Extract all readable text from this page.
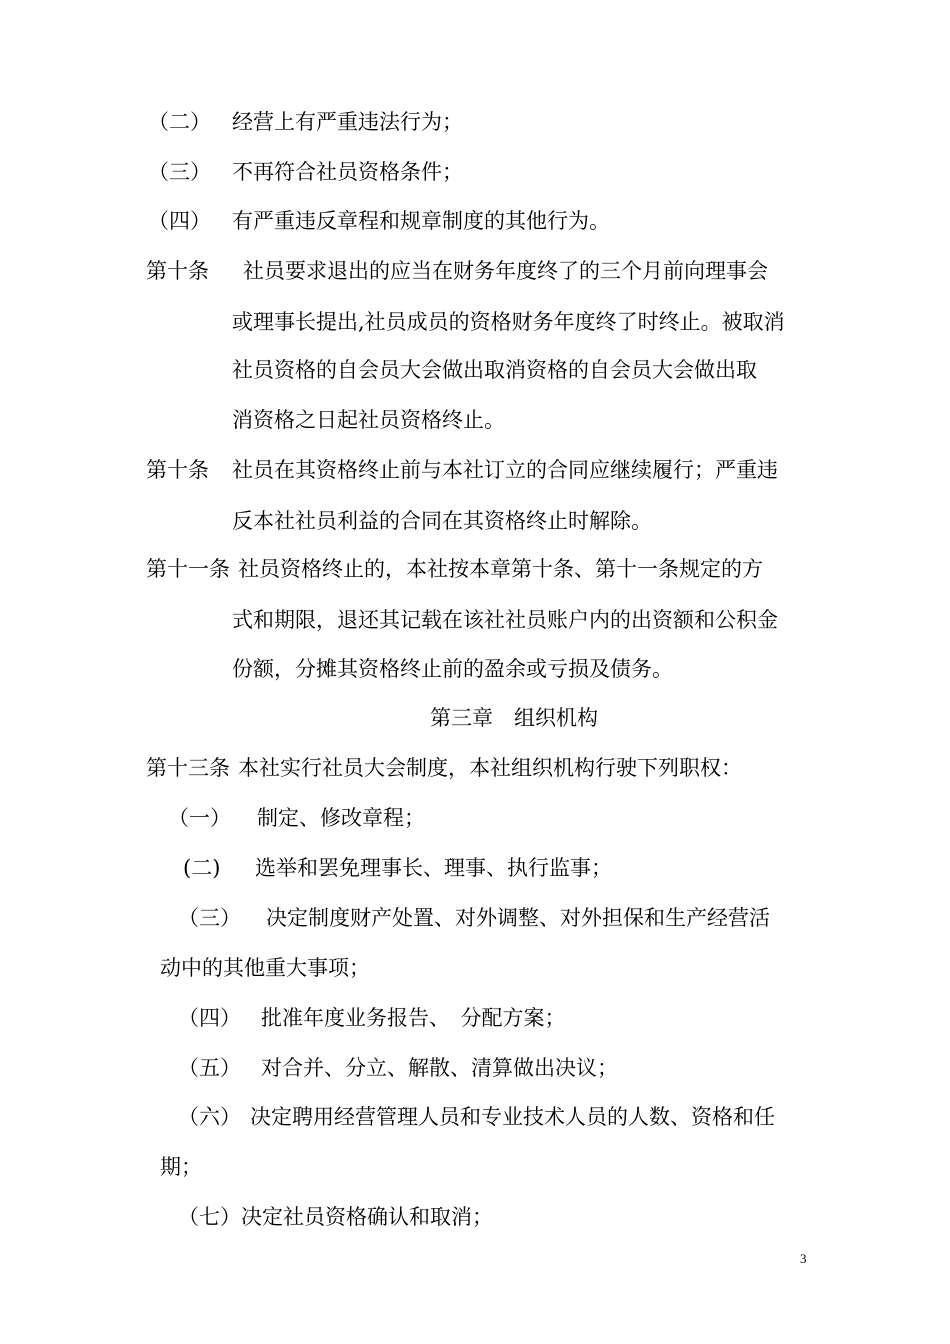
（二） 经营上有严重违法行为；
（三） 不再符合社员资格条件；
（四） 有严重违反章程和规章制度的其他行为。
第十条 社员要求退出的应当在财务年度终了的三个月前向理事会
或理事长提出,社员成员的资格财务年度终了时终止。被取消
社员资格的自会员大会做出取消资格的自会员大会做出取
消资格之日起社员资格终止。
第十条 社员在其资格终止前与本社订立的合同应继续履行；严重违
反本社社员利益的合同在其资格终止时解除。
第十一条 社员资格终止的，本社按本章第十条、第十一条规定的方
式和期限，退还其记载在该社社员账户内的出资额和公积金
份额，分摊其资格终止前的盈余或亏损及债务。
第三章　组织机构
第十三条 本社实行社员大会制度，本社组织机构行驶下列职权：
（一） 制定、修改章程；
(二) 选举和罢免理事长、理事、执行监事；
（三） 决定制度财产处置、对外调整、对外担保和生产经营活
动中的其他重大事项；
（四） 批准年度业务报告、　分配方案；
（五） 对合并、分立、解散、清算做出决议；
（六） 决定聘用经营管理人员和专业技术人员的人数、资格和任
期；
（七） 决定社员资格确认和取消；
3
